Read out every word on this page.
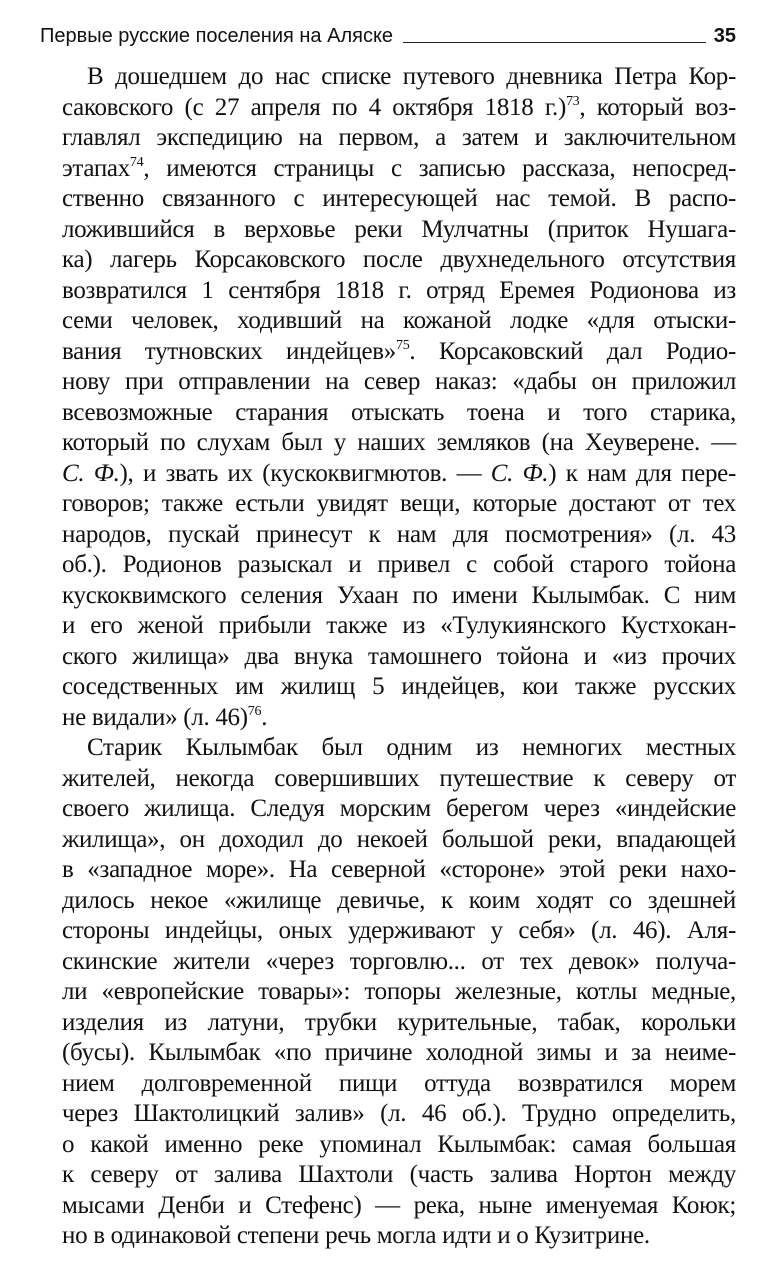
Первые русские поселения на Аляске	35
В дошедшем до нас списке путевого дневника Петра Кор-
саковского (с 27 апреля по 4 октября 1818 г.)$^{73}$, который воз-
главлял экспедицию на первом, а затем и заключительном
этапах$^{74}$, имеются страницы с записью рассказа, непосред-
ственно связанного с интересующей нас темой. В распо-
ложившийся в верховье реки Мулчатны (приток Нушага-
ка) лагерь Корсаковского после двухнедельного отсутствия
возвратился 1 сентября 1818 г. отряд Еремея Родионова из
семи человек, ходивший на кожаной лодке «для отыски-
вания тутновских индейцев»$^{75}$. Корсаковский дал Родио-
нову при отправлении на север наказ: «дабы он приложил
всевозможные старания отыскать тоена и того старика,
который по слухам был у наших земляков (на Хеуверене. —
С. Ф.), и звать их (кускоквигмютов. — С. Ф.) к нам для пере-
говоров; также естьли увидят вещи, которые достают от тех
народов, пускай принесут к нам для посмотрения» (л. 43
об.). Родионов разыскал и привел с собой старого тойона
кускоквимского селения Ухаан по имени Кылымбак. С ним
и его женой прибыли также из «Тулукиянского Кустхокан-
ского жилища» два внука тамошнего тойона и «из прочих
соседственных им жилищ 5 индейцев, кои также русских
не видали» (л. 46)$^{76}$.
Старик Кылымбак был одним из немногих местных
жителей, некогда совершивших путешествие к северу от
своего жилища. Следуя морским берегом через «индейские
жилища», он доходил до некоей большой реки, впадающей
в «западное море». На северной «стороне» этой реки нахо-
дилось некое «жилище девичье, к коим ходят со здешней
стороны индейцы, оных удерживают у себя» (л. 46). Аля-
скинские жители «через торговлю... от тех девок» получа-
ли «европейские товары»: топоры железные, котлы медные,
изделия из латуни, трубки курительные, табак, корольки
(бусы). Кылымбак «по причине холодной зимы и за неиме-
нием долговременной пищи оттуда возвратился морем
через Шактолицкий залив» (л. 46 об.). Трудно определить,
о какой именно реке упоминал Кылымбак: самая большая
к северу от залива Шахтоли (часть залива Нортон между
мысами Денби и Стефенс) — река, ныне именуемая Коюк;
но в одинаковой степени речь могла идти и о Кузитрине.
